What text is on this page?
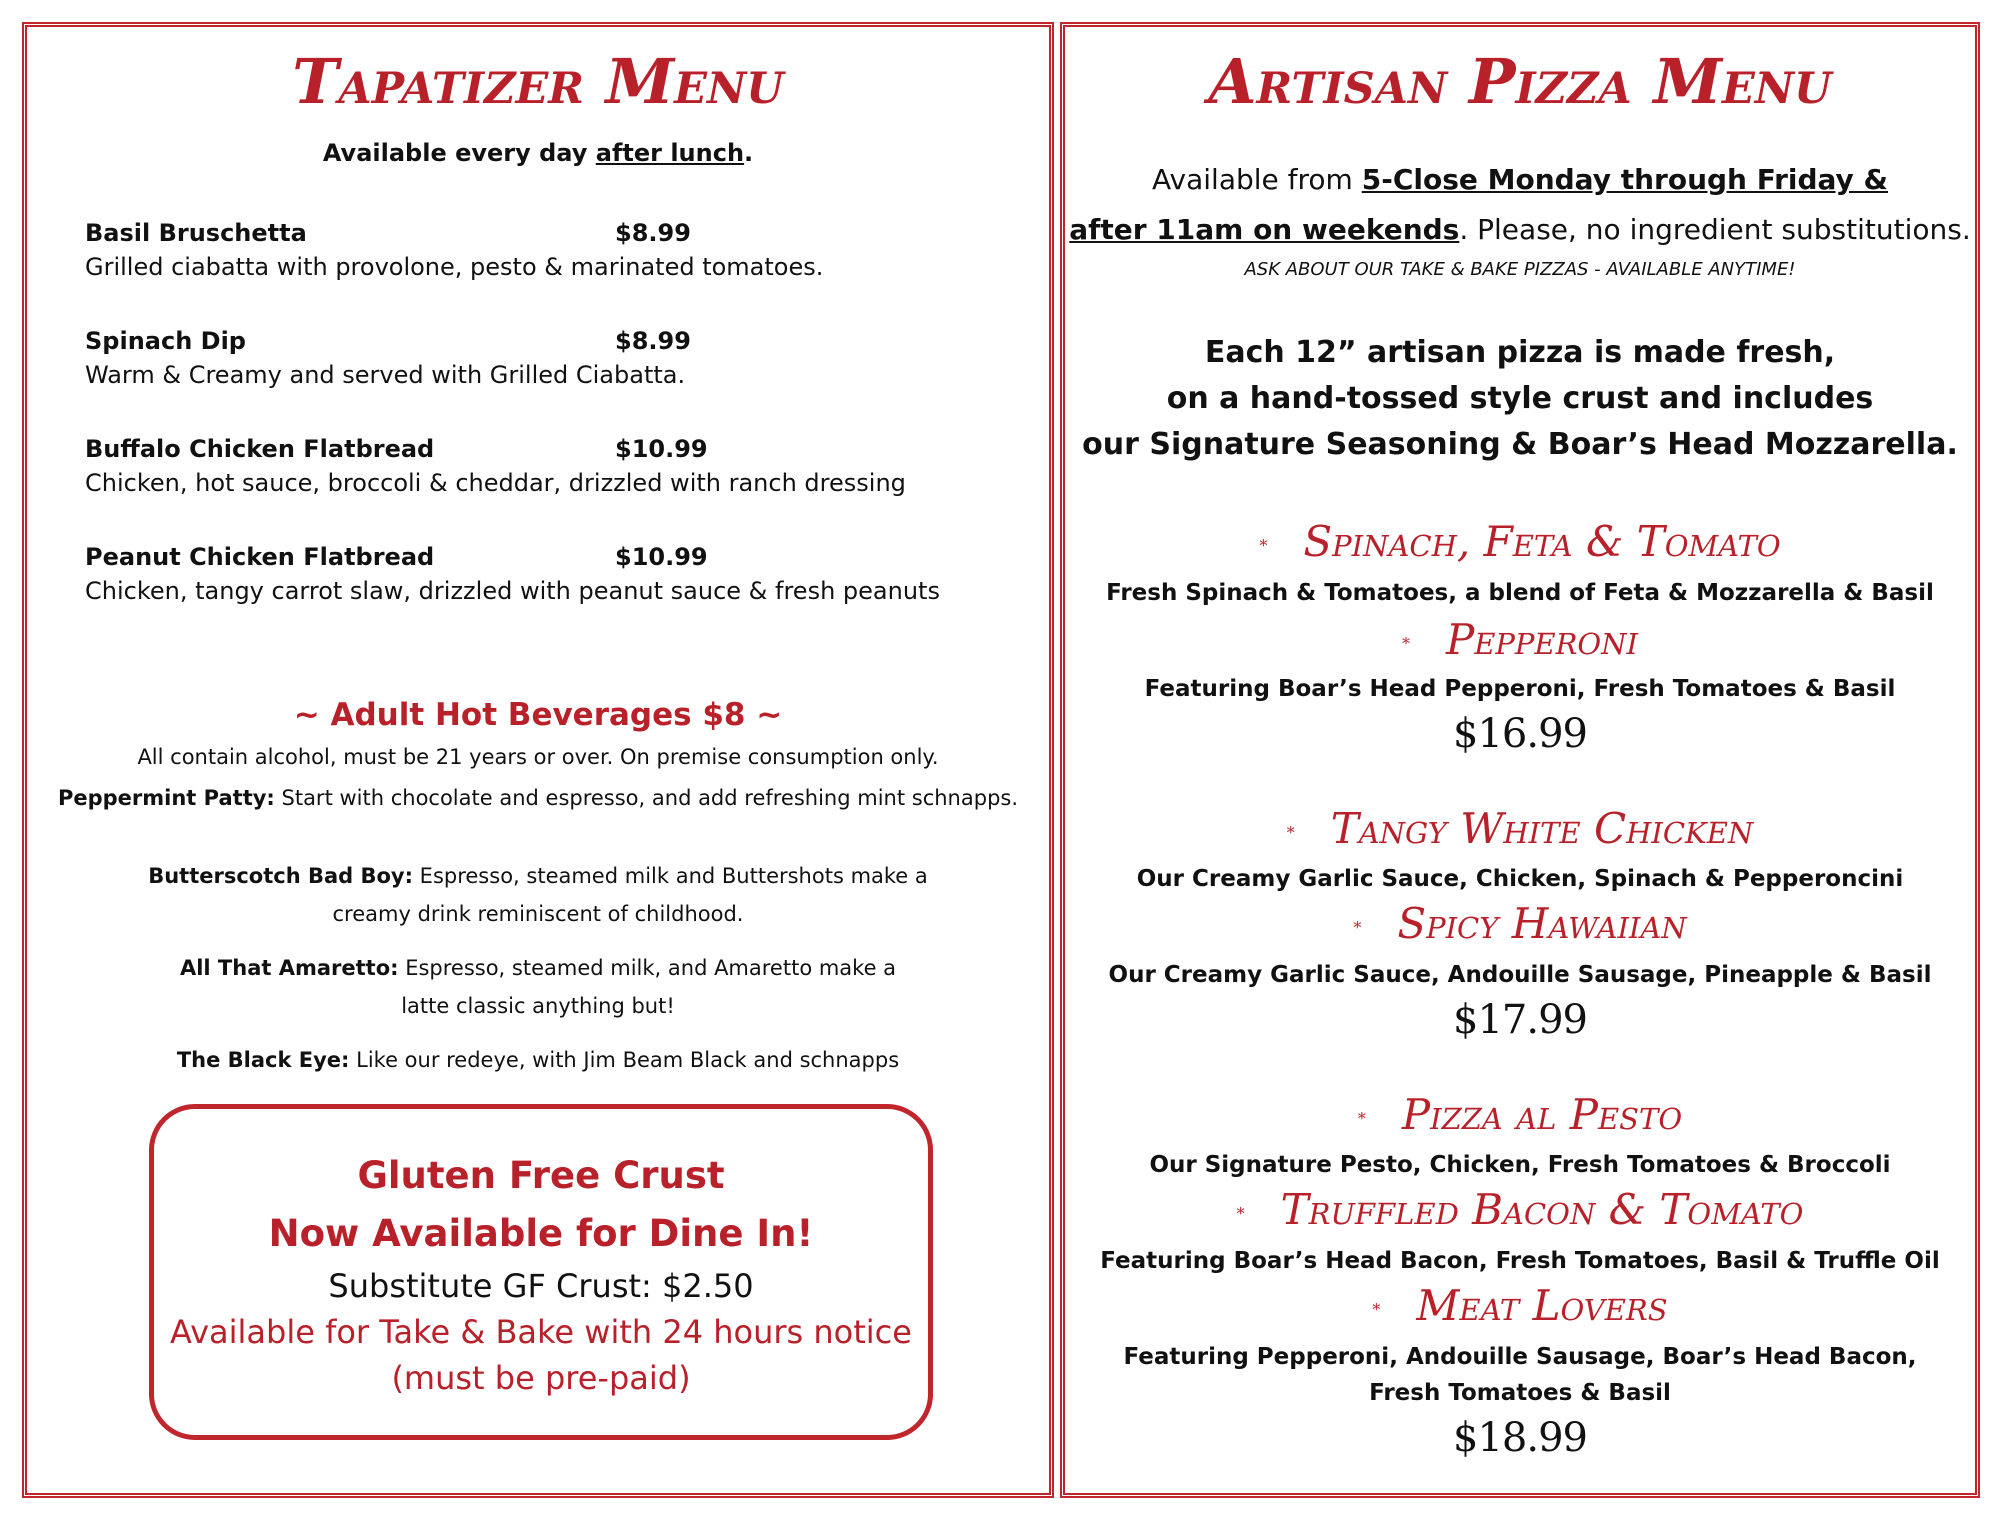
Tapatizer Menu
Available every day after lunch.
Basil Bruschetta	$8.99
Grilled ciabatta with provolone, pesto & marinated tomatoes.
Spinach Dip	$8.99
Warm & Creamy and served with Grilled Ciabatta.
Buffalo Chicken Flatbread	$10.99
Chicken, hot sauce, broccoli & cheddar, drizzled with ranch dressing
Peanut Chicken Flatbread	$10.99
Chicken, tangy carrot slaw, drizzled with peanut sauce & fresh peanuts
~ Adult Hot Beverages $8 ~
All contain alcohol, must be 21 years or over. On premise consumption only.
Peppermint Patty: Start with chocolate and espresso, and add refreshing mint schnapps.
Butterscotch Bad Boy: Espresso, steamed milk and Buttershots make a
creamy drink reminiscent of childhood.
All That Amaretto: Espresso, steamed milk, and Amaretto make a
latte classic anything but!
The Black Eye: Like our redeye, with Jim Beam Black and schnapps
Gluten Free Crust
Now Available for Dine In!
Substitute GF Crust: $2.50
Available for Take & Bake with 24 hours notice
(must be pre-paid)
Artisan Pizza Menu
Available from 5-Close Monday through Friday &
after 11am on weekends. Please, no ingredient substitutions.
ASK ABOUT OUR TAKE & BAKE PIZZAS - AVAILABLE ANYTIME!
Each 12” artisan pizza is made fresh,
on a hand-tossed style crust and includes
our Signature Seasoning & Boar’s Head Mozzarella.
* Spinach, Feta & Tomato
Fresh Spinach & Tomatoes, a blend of Feta & Mozzarella & Basil
* Pepperoni
Featuring Boar’s Head Pepperoni, Fresh Tomatoes & Basil
$16.99
* Tangy White Chicken
Our Creamy Garlic Sauce, Chicken, Spinach & Pepperoncini
* Spicy Hawaiian
Our Creamy Garlic Sauce, Andouille Sausage, Pineapple & Basil
$17.99
* Pizza al Pesto
Our Signature Pesto, Chicken, Fresh Tomatoes & Broccoli
* Truffled Bacon & Tomato
Featuring Boar’s Head Bacon, Fresh Tomatoes, Basil & Truffle Oil
* Meat Lovers
Featuring Pepperoni, Andouille Sausage, Boar’s Head Bacon,
Fresh Tomatoes & Basil
$18.99
